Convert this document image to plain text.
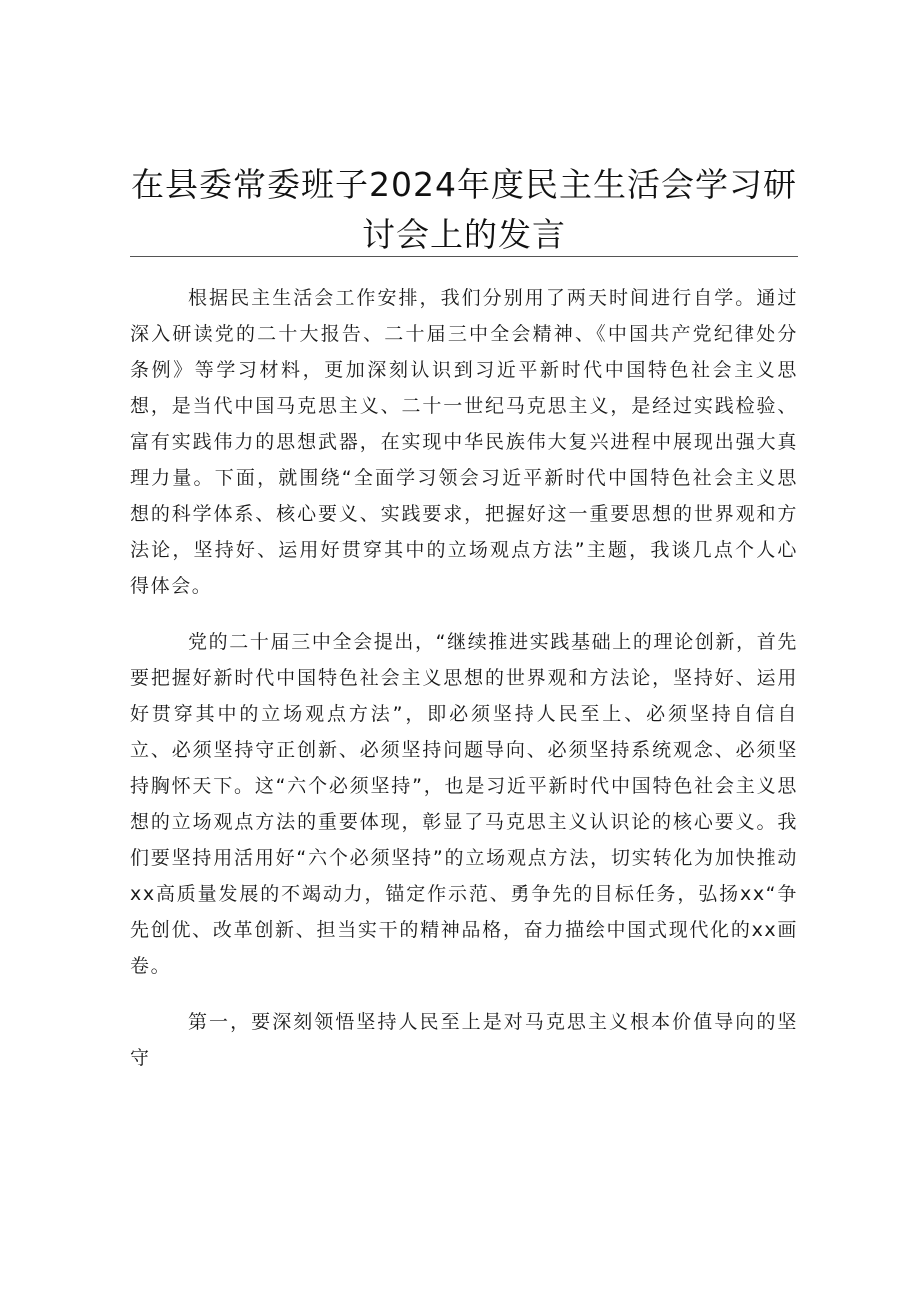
在县委常委班子2024年度民主生活会学习研
讨会上的发言

根据民主生活会工作安排，我们分别用了两天时间进行自学。通过深入研读党的二十大报告、二十届三中全会精神、《中国共产党纪律处分条例》等学习材料，更加深刻认识到习近平新时代中国特色社会主义思想，是当代中国马克思主义、二十一世纪马克思主义，是经过实践检验、富有实践伟力的思想武器，在实现中华民族伟大复兴进程中展现出强大真理力量。下面，就围绕“全面学习领会习近平新时代中国特色社会主义思想的科学体系、核心要义、实践要求，把握好这一重要思想的世界观和方法论，坚持好、运用好贯穿其中的立场观点方法”主题，我谈几点个人心得体会。

党的二十届三中全会提出，“继续推进实践基础上的理论创新，首先要把握好新时代中国特色社会主义思想的世界观和方法论，坚持好、运用好贯穿其中的立场观点方法”，即必须坚持人民至上、必须坚持自信自立、必须坚持守正创新、必须坚持问题导向、必须坚持系统观念、必须坚持胸怀天下。这“六个必须坚持”，也是习近平新时代中国特色社会主义思想的立场观点方法的重要体现，彰显了马克思主义认识论的核心要义。我们要坚持用活用好“六个必须坚持”的立场观点方法，切实转化为加快推动xx高质量发展的不竭动力，锚定作示范、勇争先的目标任务，弘扬xx“争先创优、改革创新、担当实干的精神品格，奋力描绘中国式现代化的xx画卷。

第一，要深刻领悟坚持人民至上是对马克思主义根本价值导向的坚守
